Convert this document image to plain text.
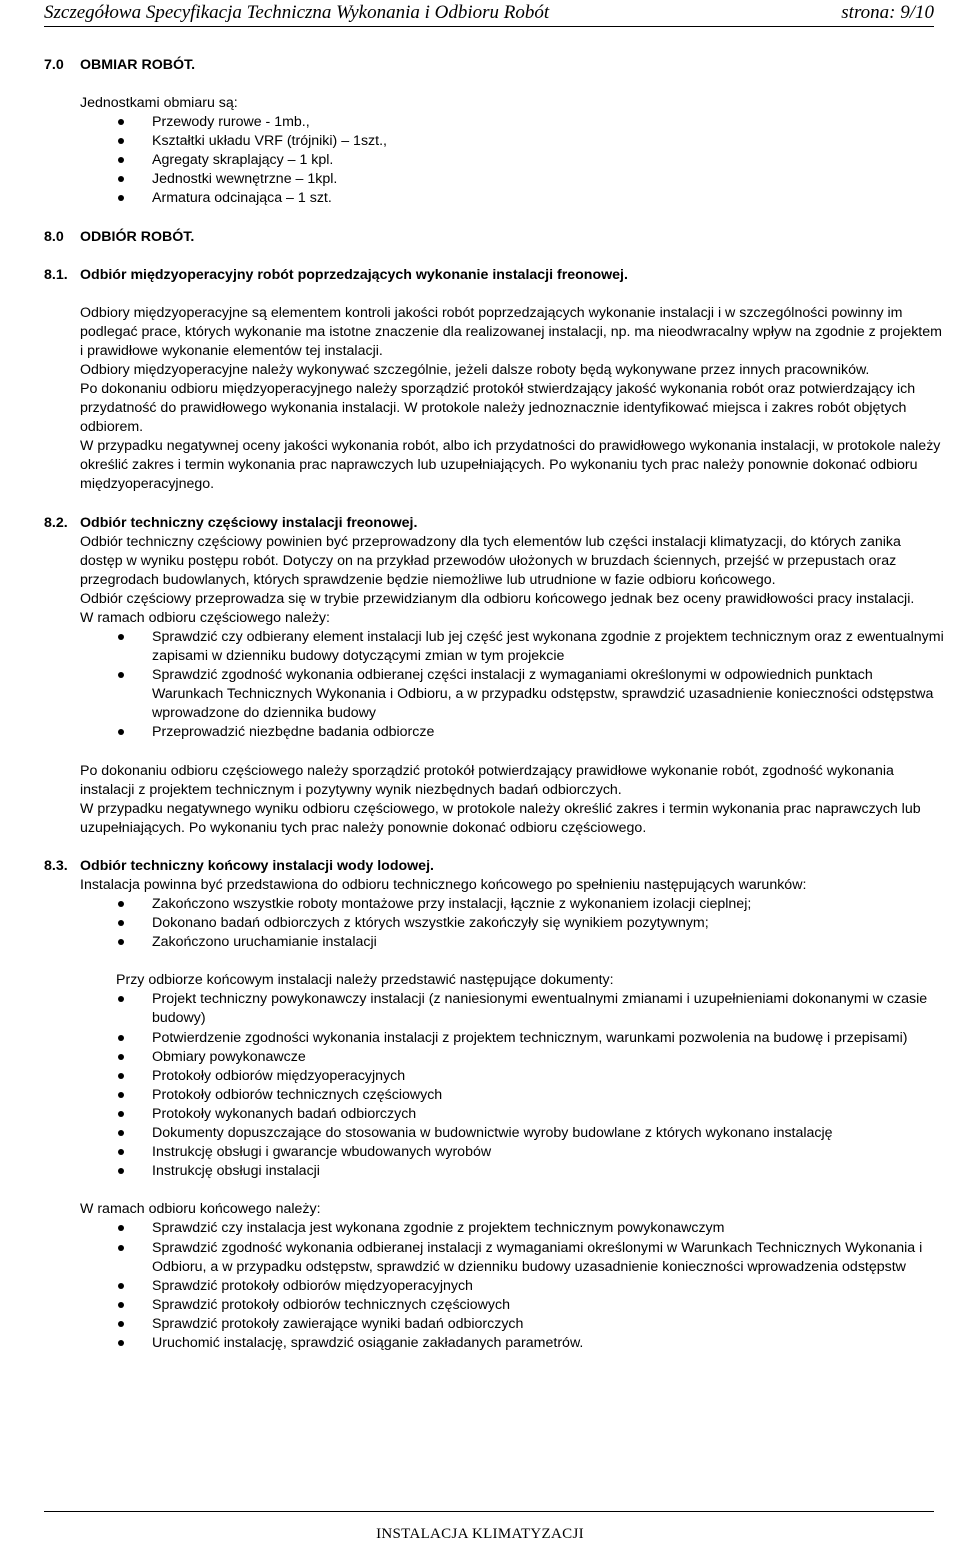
Szczegółowa Specyfikacja Techniczna Wykonania i Odbioru Robót	strona: 9/10
7.0 OBMIAR ROBÓT.

Jednostkami obmiaru są:

Przewody rurowe - 1mb.,
Kształtki układu VRF (trójniki) – 1szt.,
Agregaty skraplający – 1 kpl.
Jednostki wewnętrzne – 1kpl.
Armatura odcinająca – 1 szt.
8.0 ODBIÓR ROBÓT.
8.1. Odbiór międzyoperacyjny robót poprzedzających wykonanie instalacji freonowej.

Odbiory międzyoperacyjne są elementem kontroli jakości robót poprzedzających wykonanie instalacji i w szczególności powinny im podlegać prace, których wykonanie ma istotne znaczenie dla realizowanej instalacji, np. ma nieodwracalny wpływ na zgodnie z projektem i prawidłowe wykonanie elementów tej instalacji.

Odbiory międzyoperacyjne należy wykonywać szczególnie, jeżeli dalsze roboty będą wykonywane przez innych pracowników.

Po dokonaniu odbioru międzyoperacyjnego należy sporządzić protokół stwierdzający jakość wykonania robót oraz potwierdzający ich przydatność do prawidłowego wykonania instalacji. W protokole należy jednoznacznie identyfikować miejsca i zakres robót objętych odbiorem.

W przypadku negatywnej oceny jakości wykonania robót, albo ich przydatności do prawidłowego wykonania instalacji, w protokole należy określić zakres i termin wykonania prac naprawczych lub uzupełniających. Po wykonaniu tych prac należy ponownie dokonać odbioru międzyoperacyjnego.

8.2. Odbiór techniczny częściowy instalacji freonowej.

Odbiór techniczny częściowy powinien być przeprowadzony dla tych elementów lub części instalacji klimatyzacji, do których zanika dostęp w wyniku postępu robót. Dotyczy on na przykład przewodów ułożonych w bruzdach ściennych, przejść w przepustach oraz przegrodach budowlanych, których sprawdzenie będzie niemożliwe lub utrudnione w fazie odbioru końcowego.

Odbiór częściowy przeprowadza się w trybie przewidzianym dla odbioru końcowego jednak bez oceny prawidłowości pracy instalacji.

W ramach odbioru częściowego należy:

Sprawdzić czy odbierany element instalacji lub jej część jest wykonana zgodnie z projektem technicznym oraz z ewentualnymi zapisami w dzienniku budowy dotyczącymi zmian w tym projekcie
Sprawdzić zgodność wykonania odbieranej części instalacji z wymaganiami określonymi w odpowiednich punktach Warunkach Technicznych Wykonania i Odbioru, a w przypadku odstępstw, sprawdzić uzasadnienie konieczności odstępstwa wprowadzone do dziennika budowy
Przeprowadzić niezbędne badania odbiorcze

Po dokonaniu odbioru częściowego należy sporządzić protokół potwierdzający prawidłowe wykonanie robót, zgodność wykonania instalacji z projektem technicznym i pozytywny wynik niezbędnych badań odbiorczych.

W przypadku negatywnego wyniku odbioru częściowego, w protokole należy określić zakres i termin wykonania prac naprawczych lub uzupełniających. Po wykonaniu tych prac należy ponownie dokonać odbioru częściowego.

8.3. Odbiór techniczny końcowy instalacji wody lodowej.

Instalacja powinna być przedstawiona do odbioru technicznego końcowego po spełnieniu następujących warunków:

Zakończono wszystkie roboty montażowe przy instalacji, łącznie z wykonaniem izolacji cieplnej;
Dokonano badań odbiorczych z których wszystkie zakończyły się wynikiem pozytywnym;
Zakończono uruchamianie instalacji

Przy odbiorze końcowym instalacji należy przedstawić następujące dokumenty:

Projekt techniczny powykonawczy instalacji (z naniesionymi ewentualnymi zmianami i uzupełnieniami dokonanymi w czasie budowy)
Potwierdzenie zgodności wykonania instalacji z projektem technicznym, warunkami pozwolenia na budowę i przepisami)
Obmiary powykonawcze
Protokoły odbiorów międzyoperacyjnych
Protokoły odbiorów technicznych częściowych
Protokoły wykonanych badań odbiorczych
Dokumenty dopuszczające do stosowania w budownictwie wyroby budowlane z których wykonano instalację
Instrukcję obsługi i gwarancje wbudowanych wyrobów
Instrukcję obsługi instalacji

W ramach odbioru końcowego należy:

Sprawdzić czy instalacja jest wykonana zgodnie z projektem technicznym powykonawczym
Sprawdzić zgodność wykonania odbieranej instalacji z wymaganiami określonymi w Warunkach Technicznych Wykonania i Odbioru, a w przypadku odstępstw, sprawdzić w dzienniku budowy uzasadnienie konieczności wprowadzenia odstępstw
Sprawdzić protokoły odbiorów międzyoperacyjnych
Sprawdzić protokoły odbiorów technicznych częściowych
Sprawdzić protokoły zawierające wyniki badań odbiorczych
Uruchomić instalację, sprawdzić osiąganie zakładanych parametrów.
INSTALACJA KLIMATYZACJI
